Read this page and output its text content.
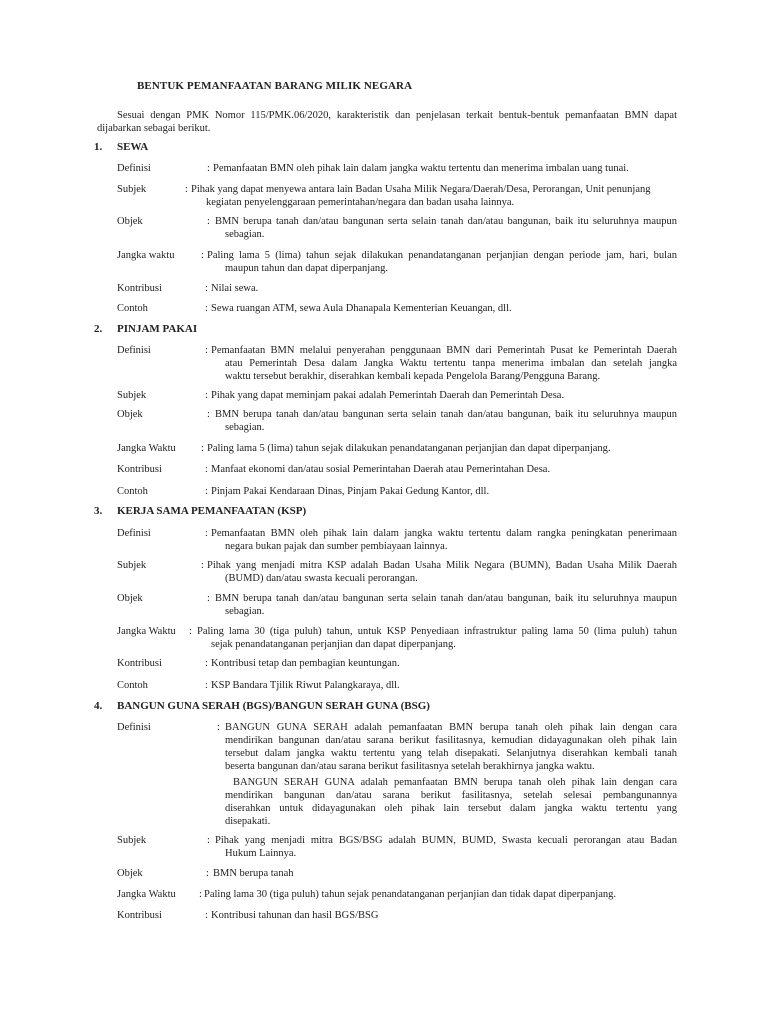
BENTUK PEMANFAATAN BARANG MILIK NEGARA
Sesuai dengan PMK Nomor 115/PMK.06/2020, karakteristik dan penjelasan terkait bentuk-bentuk pemanfaatan BMN dapat
dijabarkan sebagai berikut.
1. SEWA
Definisi	: Pemanfaatan BMN oleh pihak lain dalam jangka waktu tertentu dan menerima imbalan uang tunai.
Subjek	: Pihak yang dapat menyewa antara lain Badan Usaha Milik Negara/Daerah/Desa, Perorangan, Unit penunjang
kegiatan penyelenggaraan pemerintahan/negara dan badan usaha lainnya.
Objek	: BMN berupa tanah dan/atau bangunan serta selain tanah dan/atau bangunan, baik itu seluruhnya maupun
sebagian.
Jangka waktu	: Paling lama 5 (lima) tahun sejak dilakukan penandatanganan perjanjian dengan periode jam, hari, bulan
maupun tahun dan dapat diperpanjang.
Kontribusi	: Nilai sewa.
Contoh	: Sewa ruangan ATM, sewa Aula Dhanapala Kementerian Keuangan, dll.
2. PINJAM PAKAI
Definisi	: Pemanfaatan BMN melalui penyerahan penggunaan BMN dari Pemerintah Pusat ke Pemerintah Daerah
atau Pemerintah Desa dalam Jangka Waktu tertentu tanpa menerima imbalan dan setelah jangka
waktu tersebut berakhir, diserahkan kembali kepada Pengelola Barang/Pengguna Barang.
Subjek	: Pihak yang dapat meminjam pakai adalah Pemerintah Daerah dan Pemerintah Desa.
Objek	: BMN berupa tanah dan/atau bangunan serta selain tanah dan/atau bangunan, baik itu seluruhnya maupun
sebagian.
Jangka Waktu : Paling lama 5 (lima) tahun sejak dilakukan penandatanganan perjanjian dan dapat diperpanjang.
Kontribusi	: Manfaat ekonomi dan/atau sosial Pemerintahan Daerah atau Pemerintahan Desa.
Contoh	: Pinjam Pakai Kendaraan Dinas, Pinjam Pakai Gedung Kantor, dll.
3. KERJA SAMA PEMANFAATAN (KSP)
Definisi	: Pemanfaatan BMN oleh pihak lain dalam jangka waktu tertentu dalam rangka peningkatan penerimaan
negara bukan pajak dan sumber pembiayaan lainnya.
Subjek	: Pihak yang menjadi mitra KSP adalah Badan Usaha Milik Negara (BUMN), Badan Usaha Milik Daerah
(BUMD) dan/atau swasta kecuali perorangan.
Objek	: BMN berupa tanah dan/atau bangunan serta selain tanah dan/atau bangunan, baik itu seluruhnya maupun
sebagian.
Jangka Waktu : Paling lama 30 (tiga puluh) tahun, untuk KSP Penyediaan infrastruktur paling lama 50 (lima puluh) tahun
sejak penandatanganan perjanjian dan dapat diperpanjang.
Kontribusi	: Kontribusi tetap dan pembagian keuntungan.
Contoh	: KSP Bandara Tjilik Riwut Palangkaraya, dll.
4. BANGUN GUNA SERAH (BGS)/BANGUN SERAH GUNA (BSG)
Definisi	: BANGUN GUNA SERAH adalah pemanfaatan BMN berupa tanah oleh pihak lain dengan cara
mendirikan bangunan dan/atau sarana berikut fasilitasnya, kemudian didayagunakan oleh pihak lain
tersebut dalam jangka waktu tertentu yang telah disepakati. Selanjutnya diserahkan kembali tanah
beserta bangunan dan/atau sarana berikut fasilitasnya setelah berakhirnya jangka waktu.
BANGUN SERAH GUNA adalah pemanfaatan BMN berupa tanah oleh pihak lain dengan cara
mendirikan bangunan dan/atau sarana berikut fasilitasnya, setelah selesai pembangunannya
diserahkan untuk didayagunakan oleh pihak lain tersebut dalam jangka waktu tertentu yang
disepakati.
Subjek	: Pihak yang menjadi mitra BGS/BSG adalah BUMN, BUMD, Swasta kecuali perorangan atau Badan
Hukum Lainnya.
Objek	: BMN berupa tanah
Jangka Waktu : Paling lama 30 (tiga puluh) tahun sejak penandatanganan perjanjian dan tidak dapat diperpanjang.
Kontribusi	: Kontribusi tahunan dan hasil BGS/BSG
